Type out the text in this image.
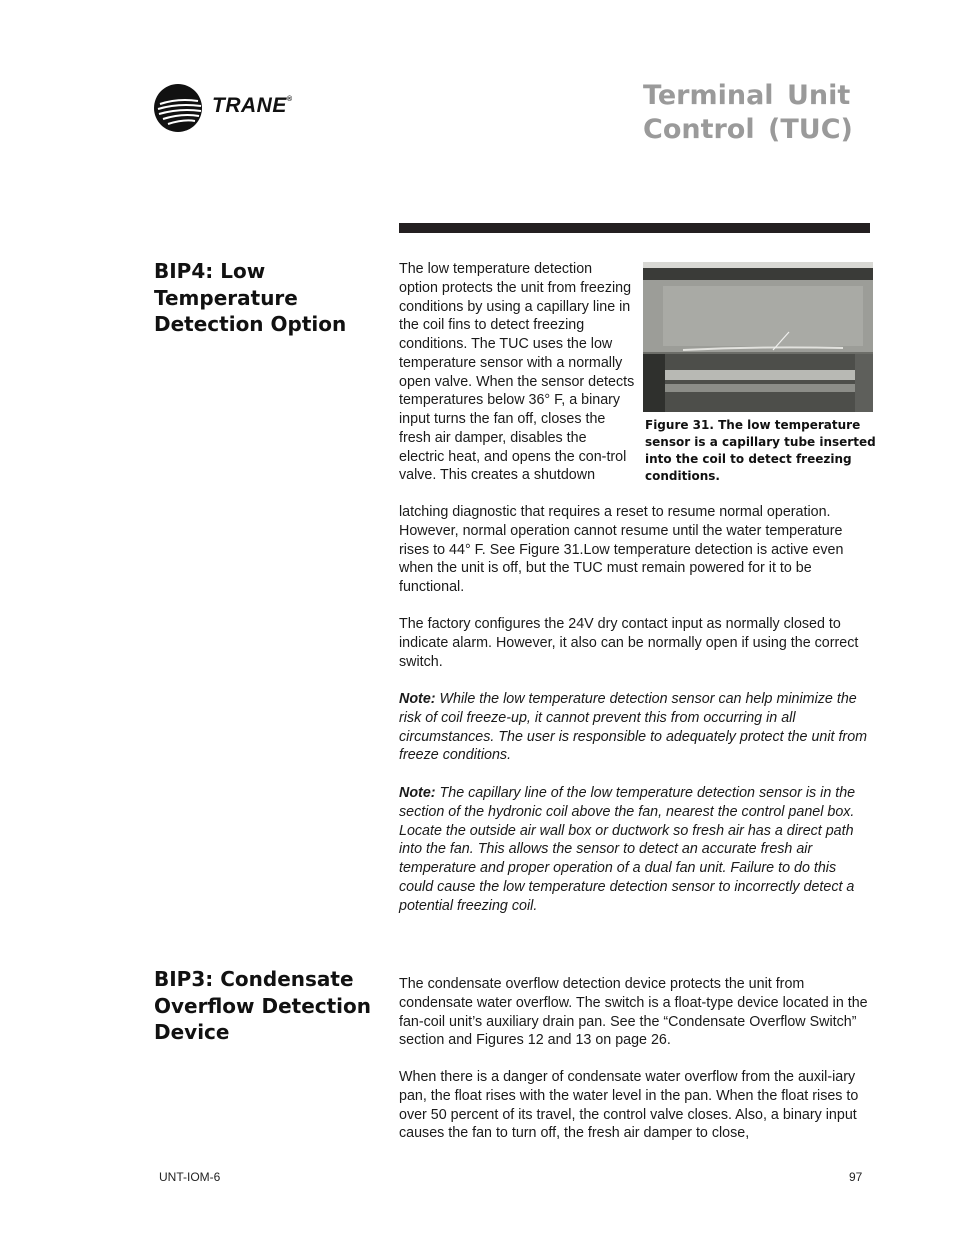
TRANE®	Terminal Unit Control (TUC)
BIP4: Low Temperature Detection Option

The low temperature detection option protects the unit from freezing conditions by using a capillary line in the coil fins to detect freezing conditions. The TUC uses the low temperature sensor with a normally open valve. When the sensor detects temperatures below 36° F, a binary input turns the fan off, closes the fresh air damper, disables the electric heat, and opens the con-trol valve. This creates a shutdown

Figure 31. The low temperature sensor is a capillary tube inserted into the coil to detect freezing conditions.

latching diagnostic that requires a reset to resume normal operation. However, normal operation cannot resume until the water temperature rises to 44° F. See Figure 31.Low temperature detection is active even when the unit is off, but the TUC must remain powered for it to be functional.

The factory configures the 24V dry contact input as normally closed to indicate alarm. However, it also can be normally open if using the correct switch.

Note: While the low temperature detection sensor can help minimize the risk of coil freeze-up, it cannot prevent this from occurring in all circumstances. The user is responsible to adequately protect the unit from freeze conditions.

Note: The capillary line of the low temperature detection sensor is in the section of the hydronic coil above the fan, nearest the control panel box. Locate the outside air wall box or ductwork so fresh air has a direct path into the fan. This allows the sensor to detect an accurate fresh air temperature and proper operation of a dual fan unit. Failure to do this could cause the low temperature detection sensor to incorrectly detect a potential freezing coil.

BIP3: Condensate Overflow Detection Device

The condensate overflow detection device protects the unit from condensate water overflow. The switch is a float-type device located in the fan-coil unit’s auxiliary drain pan. See the “Condensate Overflow Switch” section and Figures 12 and 13 on page 26.

When there is a danger of condensate water overflow from the auxil-iary pan, the float rises with the water level in the pan. When the float rises to over 50 percent of its travel, the control valve closes. Also, a binary input causes the fan to turn off, the fresh air damper to close,

UNT-IOM-6	97
